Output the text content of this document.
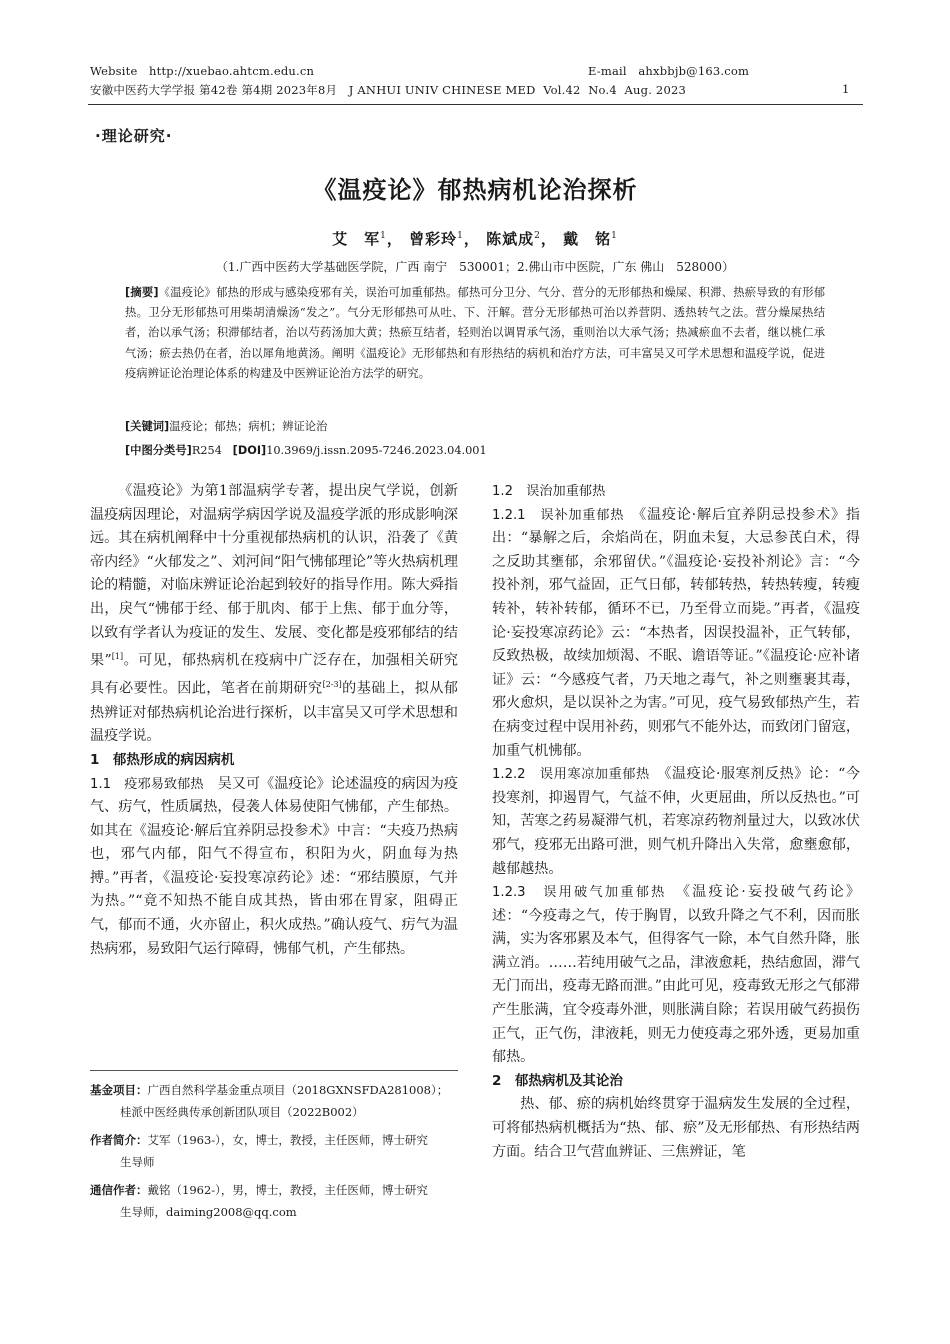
Website   http://xuebao.ahtcm.edu.cn	E-mail   ahxbbjb@163.com
安徽中医药大学学报 第42卷 第4期 2023年8月   J ANHUI UNIV CHINESE MED  Vol.42  No.4  Aug. 2023	1
·理论研究·
《温疫论》郁热病机论治探析
艾　军$^1$， 曾彩玲$^1$， 陈斌成$^2$， 戴　铭$^1$
（1.广西中医药大学基础医学院，广西 南宁　530001；2.佛山市中医院，广东 佛山　528000）
[摘要]《温疫论》郁热的形成与感染疫邪有关，误治可加重郁热。郁热可分卫分、气分、营分的无形郁热和燥屎、积滞、热瘀导致的有形郁热。卫分无形郁热可用柴胡清燥汤“发之”。气分无形郁热可从吐、下、汗解。营分无形郁热可治以养营阴、透热转气之法。营分燥屎热结者，治以承气汤；积滞郁结者，治以芍药汤加大黄；热瘀互结者，轻则治以调胃承气汤，重则治以大承气汤；热减瘀血不去者，继以桃仁承气汤；瘀去热仍在者，治以犀角地黄汤。阐明《温疫论》无形郁热和有形热结的病机和治疗方法，可丰富吴又可学术思想和温疫学说，促进疫病辨证论治理论体系的构建及中医辨证论治方法学的研究。
[关键词]温疫论；郁热；病机；辨证论治
[中图分类号]R254 [DOI]10.3969/j.issn.2095-7246.2023.04.001

《温疫论》为第1部温病学专著，提出戾气学说，创新温疫病因理论，对温病学病因学说及温疫学派的形成影响深远。其在病机阐释中十分重视郁热病机的认识，沿袭了《黄帝内经》“火郁发之”、刘河间“阳气怫郁理论”等火热病机理论的精髓，对临床辨证论治起到较好的指导作用。陈大舜指出，戾气“怫郁于经、郁于肌肉、郁于上焦、郁于血分等，以致有学者认为疫证的发生、发展、变化都是疫邪郁结的结果”[1]。可见，郁热病机在疫病中广泛存在，加强相关研究具有必要性。因此，笔者在前期研究[2-3]的基础上，拟从郁热辨证对郁热病机论治进行探析，以丰富吴又可学术思想和温疫学说。

1　郁热形成的病因病机

1.1　疫邪易致郁热　吴又可《温疫论》论述温疫的病因为疫气、疠气，性质属热，侵袭人体易使阳气怫郁，产生郁热。如其在《温疫论·解后宜养阴忌投参术》中言：“夫疫乃热病也，邪气内郁，阳气不得宣布，积阳为火，阴血每为热搏。”再者，《温疫论·妄投寒凉药论》述：“邪结膜原，气并为热。”“竟不知热不能自成其热，皆由邪在胃家，阻碍正气，郁而不通，火亦留止，积火成热。”确认疫气、疠气为温热病邪，易致阳气运行障碍，怫郁气机，产生郁热。

基金项目：广西自然科学基金重点项目（2018GXNSFDA281008）；
桂派中医经典传承创新团队项目（2022B002）
作者简介：艾军（1963-），女，博士，教授，主任医师，博士研究
生导师
通信作者：戴铭（1962-），男，博士，教授，主任医师，博士研究
生导师，daiming2008@qq.com

1.2　误治加重郁热

1.2.1　误补加重郁热　《温疫论·解后宜养阴忌投参术》指出：“暴解之后，余焰尚在，阴血未复，大忌参芪白术，得之反助其壅郁，余邪留伏。”《温疫论·妄投补剂论》言：“今投补剂，邪气益固，正气日郁，转郁转热，转热转瘦，转瘦转补，转补转郁，循环不已，乃至骨立而毙。”再者，《温疫论·妄投寒凉药论》云：“本热者，因误投温补，正气转郁，反致热极，故续加烦渴、不眠、谵语等证。”《温疫论·应补诸证》云：“今感疫气者，乃天地之毒气，补之则壅裹其毒，邪火愈炽，是以误补之为害。”可见，疫气易致郁热产生，若在病变过程中误用补药，则邪气不能外达，而致闭门留寇，加重气机怫郁。

1.2.2　误用寒凉加重郁热　《温疫论·服寒剂反热》论：“今投寒剂，抑遏胃气，气益不伸，火更屈曲，所以反热也。”可知，苦寒之药易凝滞气机，若寒凉药物剂量过大，以致冰伏邪气，疫邪无出路可泄，则气机升降出入失常，愈壅愈郁，越郁越热。

1.2.3　误用破气加重郁热　《温疫论·妄投破气药论》述：“今疫毒之气，传于胸胃，以致升降之气不利，因而胀满，实为客邪累及本气，但得客气一除，本气自然升降，胀满立消。……若纯用破气之品，津液愈耗，热结愈固，滞气无门而出，疫毒无路而泄。”由此可见，疫毒致无形之气郁滞产生胀满，宜令疫毒外泄，则胀满自除；若误用破气药损伤正气，正气伤，津液耗，则无力使疫毒之邪外透，更易加重郁热。

2　郁热病机及其论治

热、郁、瘀的病机始终贯穿于温病发生发展的全过程，可将郁热病机概括为“热、郁、瘀”及无形郁热、有形热结两方面。结合卫气营血辨证、三焦辨证，笔
